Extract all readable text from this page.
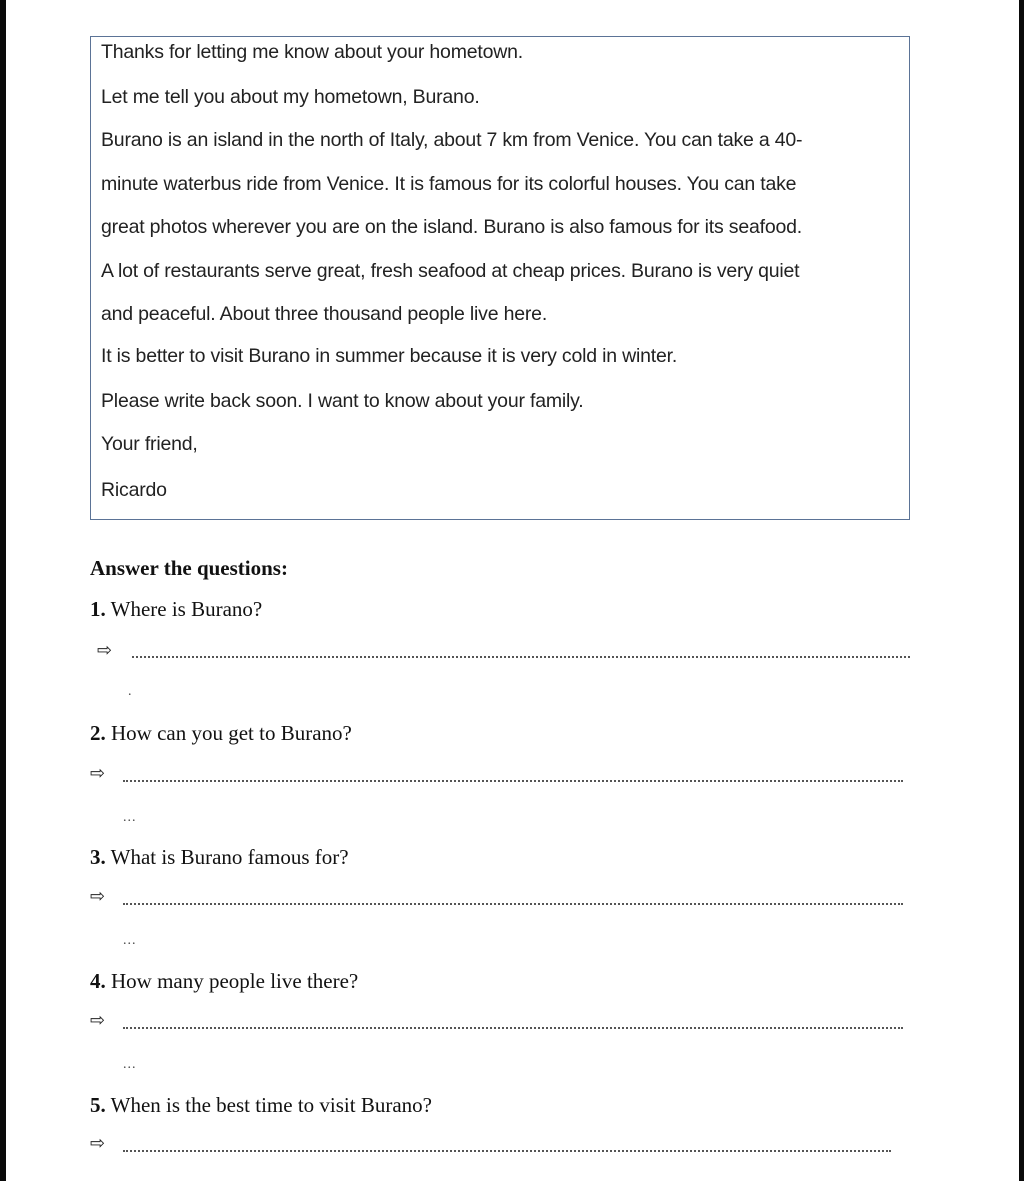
Thanks for letting me know about your hometown.
Let me tell you about my hometown, Burano.
Burano is an island in the north of Italy, about 7 km from Venice. You can take a 40-
minute waterbus ride from Venice. It is famous for its colorful houses. You can take
great photos wherever you are on the island. Burano is also famous for its seafood.
A lot of restaurants serve great, fresh seafood at cheap prices. Burano is very quiet
and peaceful. About three thousand people live here.
It is better to visit Burano in summer because it is very cold in winter.
Please write back soon. I want to know about your family.
Your friend,
Ricardo
Answer the questions:
1. Where is Burano?
⇨
.
2. How can you get to Burano?
⇨
...
3. What is Burano famous for?
⇨
...
4. How many people live there?
⇨
...
5. When is the best time to visit Burano?
⇨
